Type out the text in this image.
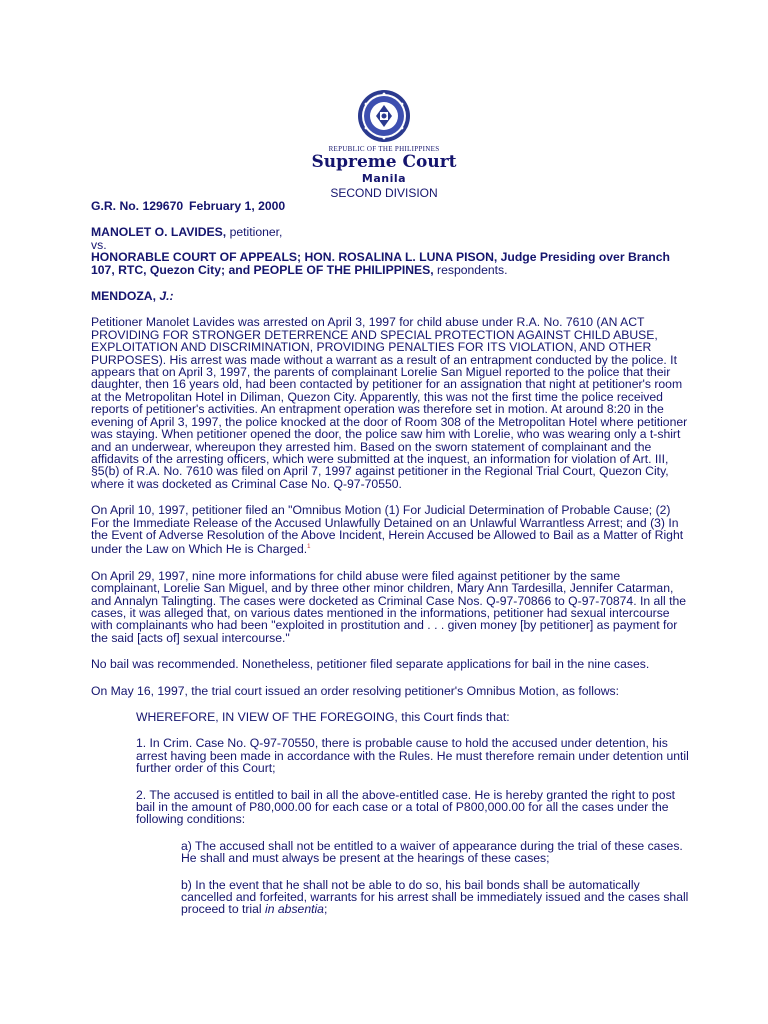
REPUBLIC OF THE PHILIPPINES
Supreme Court
Manila
SECOND DIVISION

G.R. No. 129670 February 1, 2000

MANOLET O. LAVIDES, petitioner,

vs.

HONORABLE COURT OF APPEALS; HON. ROSALINA L. LUNA PISON, Judge Presiding over Branch 107, RTC, Quezon City; and PEOPLE OF THE PHILIPPINES, respondents.

MENDOZA, J.:

Petitioner Manolet Lavides was arrested on April 3, 1997 for child abuse under R.A. No. 7610 (AN ACT PROVIDING FOR STRONGER DETERRENCE AND SPECIAL PROTECTION AGAINST CHILD ABUSE, EXPLOITATION AND DISCRIMINATION, PROVIDING PENALTIES FOR ITS VIOLATION, AND OTHER PURPOSES). His arrest was made without a warrant as a result of an entrapment conducted by the police. It appears that on April 3, 1997, the parents of complainant Lorelie San Miguel reported to the police that their daughter, then 16 years old, had been contacted by petitioner for an assignation that night at petitioner's room at the Metropolitan Hotel in Diliman, Quezon City. Apparently, this was not the first time the police received reports of petitioner's activities. An entrapment operation was therefore set in motion. At around 8:20 in the evening of April 3, 1997, the police knocked at the door of Room 308 of the Metropolitan Hotel where petitioner was staying. When petitioner opened the door, the police saw him with Lorelie, who was wearing only a t-shirt and an underwear, whereupon they arrested him. Based on the sworn statement of complainant and the affidavits of the arresting officers, which were submitted at the inquest, an information for violation of Art. III, §5(b) of R.A. No. 7610 was filed on April 7, 1997 against petitioner in the Regional Trial Court, Quezon City, where it was docketed as Criminal Case No. Q-97-70550.

On April 10, 1997, petitioner filed an "Omnibus Motion (1) For Judicial Determination of Probable Cause; (2) For the Immediate Release of the Accused Unlawfully Detained on an Unlawful Warrantless Arrest; and (3) In the Event of Adverse Resolution of the Above Incident, Herein Accused be Allowed to Bail as a Matter of Right under the Law on Which He is Charged.$^1$

On April 29, 1997, nine more informations for child abuse were filed against petitioner by the same complainant, Lorelie San Miguel, and by three other minor children, Mary Ann Tardesilla, Jennifer Catarman, and Annalyn Talingting. The cases were docketed as Criminal Case Nos. Q-97-70866 to Q-97-70874. In all the cases, it was alleged that, on various dates mentioned in the informations, petitioner had sexual intercourse with complainants who had been "exploited in prostitution and . . . given money [by petitioner] as payment for the said [acts of] sexual intercourse."

No bail was recommended. Nonetheless, petitioner filed separate applications for bail in the nine cases.

On May 16, 1997, the trial court issued an order resolving petitioner's Omnibus Motion, as follows:

WHEREFORE, IN VIEW OF THE FOREGOING, this Court finds that:

1. In Crim. Case No. Q-97-70550, there is probable cause to hold the accused under detention, his arrest having been made in accordance with the Rules. He must therefore remain under detention until further order of this Court;

2. The accused is entitled to bail in all the above-entitled case. He is hereby granted the right to post bail in the amount of P80,000.00 for each case or a total of P800,000.00 for all the cases under the following conditions:

a) The accused shall not be entitled to a waiver of appearance during the trial of these cases. He shall and must always be present at the hearings of these cases;

b) In the event that he shall not be able to do so, his bail bonds shall be automatically cancelled and forfeited, warrants for his arrest shall be immediately issued and the cases shall proceed to trial in absentia;
